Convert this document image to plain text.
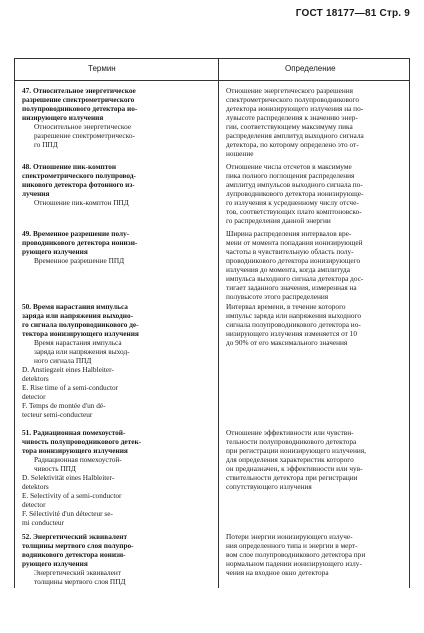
ГОСТ 18177—81 Стр. 9
Термин	Определение
47. Относительное энергетическое
разрешение спектрометрического
полупроводникового детектора ио-
низирующего излучения
Относительное энергетическое
разрешение спектрометрическо-
го ППД
Отношение энергетического разрешения
спектрометрического полупроводникового
детектора ионизирующего излучения на по-
лувысоте распределения к значению энер-
гии, соответствующему максимуму пика
распределения амплитуд выходного сигнала
детектора, по которому определено это от-
ношение
48. Отношение пик-комптон
спектрометрического полупровод-
никового детектора фотонного из-
лучения
Отношение пик-комптон ППД
Отношение числа отсчетов в максимуме
пика полного поглощения распределения
амплитуд импульсов выходного сигнала по-
лупроводникового детектора ионизирующе-
го излучения к усредненному числу отсче-
тов, соответствующих плато комптоновско-
го распределения данной энергии
49. Временное разрешение полу-
проводникового детектора ионизи-
рующего излучения
Временное разрешение ППД
Ширина распределения интервалов вре-
мени от момента попадания ионизирующей
частоты в чувствительную область полу-
проводникового детектора ионизирующего
излучения до момента, когда амплитуда
импульса выходного сигнала детектора дос-
тигает заданного значения, измеренная на
полувысоте этого распределения
50. Время нарастания импульса
заряда или напряжения выходно-
го сигнала полупроводникового де-
тектора ионизирующего излучения
Время нарастания импульса
заряда или напряжения выход-
ного сигнала ППД
D. Anstiegzeit eines Halbleiter-
detektors
E. Rise time of a semi-conductor
detector
F. Temps de montée d'un dé-
tecteur semi-conducteur
Интервал времени, в течение которого
импульс заряда или напряжения выходного
сигнала полупроводникового детектора ио-
низирующего излучения изменяется от 10
до 90% от его максимального значения
51. Радиационная помехоустой-
чивость полупроводникового детек-
тора ионизирующего излучения
Радиационная помехоустой-
чивость ППД
D. Selektivität eines Halbleiter-
detektors
E. Selectivity of a semi-conductor
detector
F. Sélectivité d'un détecteur se-
mi conducteur
Отношение эффективности или чувстви-
тельности полупроводникового детектора
при регистрации ионизирующего излучения,
для определения характеристик которого
он предназначен, к эффективности или чув-
ствительности детектора при регистрации
сопутствующего излучения
52. Энергетический эквивалент
толщины мертвого слоя полупро-
водникового детектора ионизи-
рующего излучения
Энергетический эквивалент
толщины мертвого слоя ППД
Потери энергии ионизирующего излуче-
ния определенного типа и энергии в мерт-
вом слое полупроводникового детектора при
нормальном падении ионизирующего излу-
чения на входное окно детектора
